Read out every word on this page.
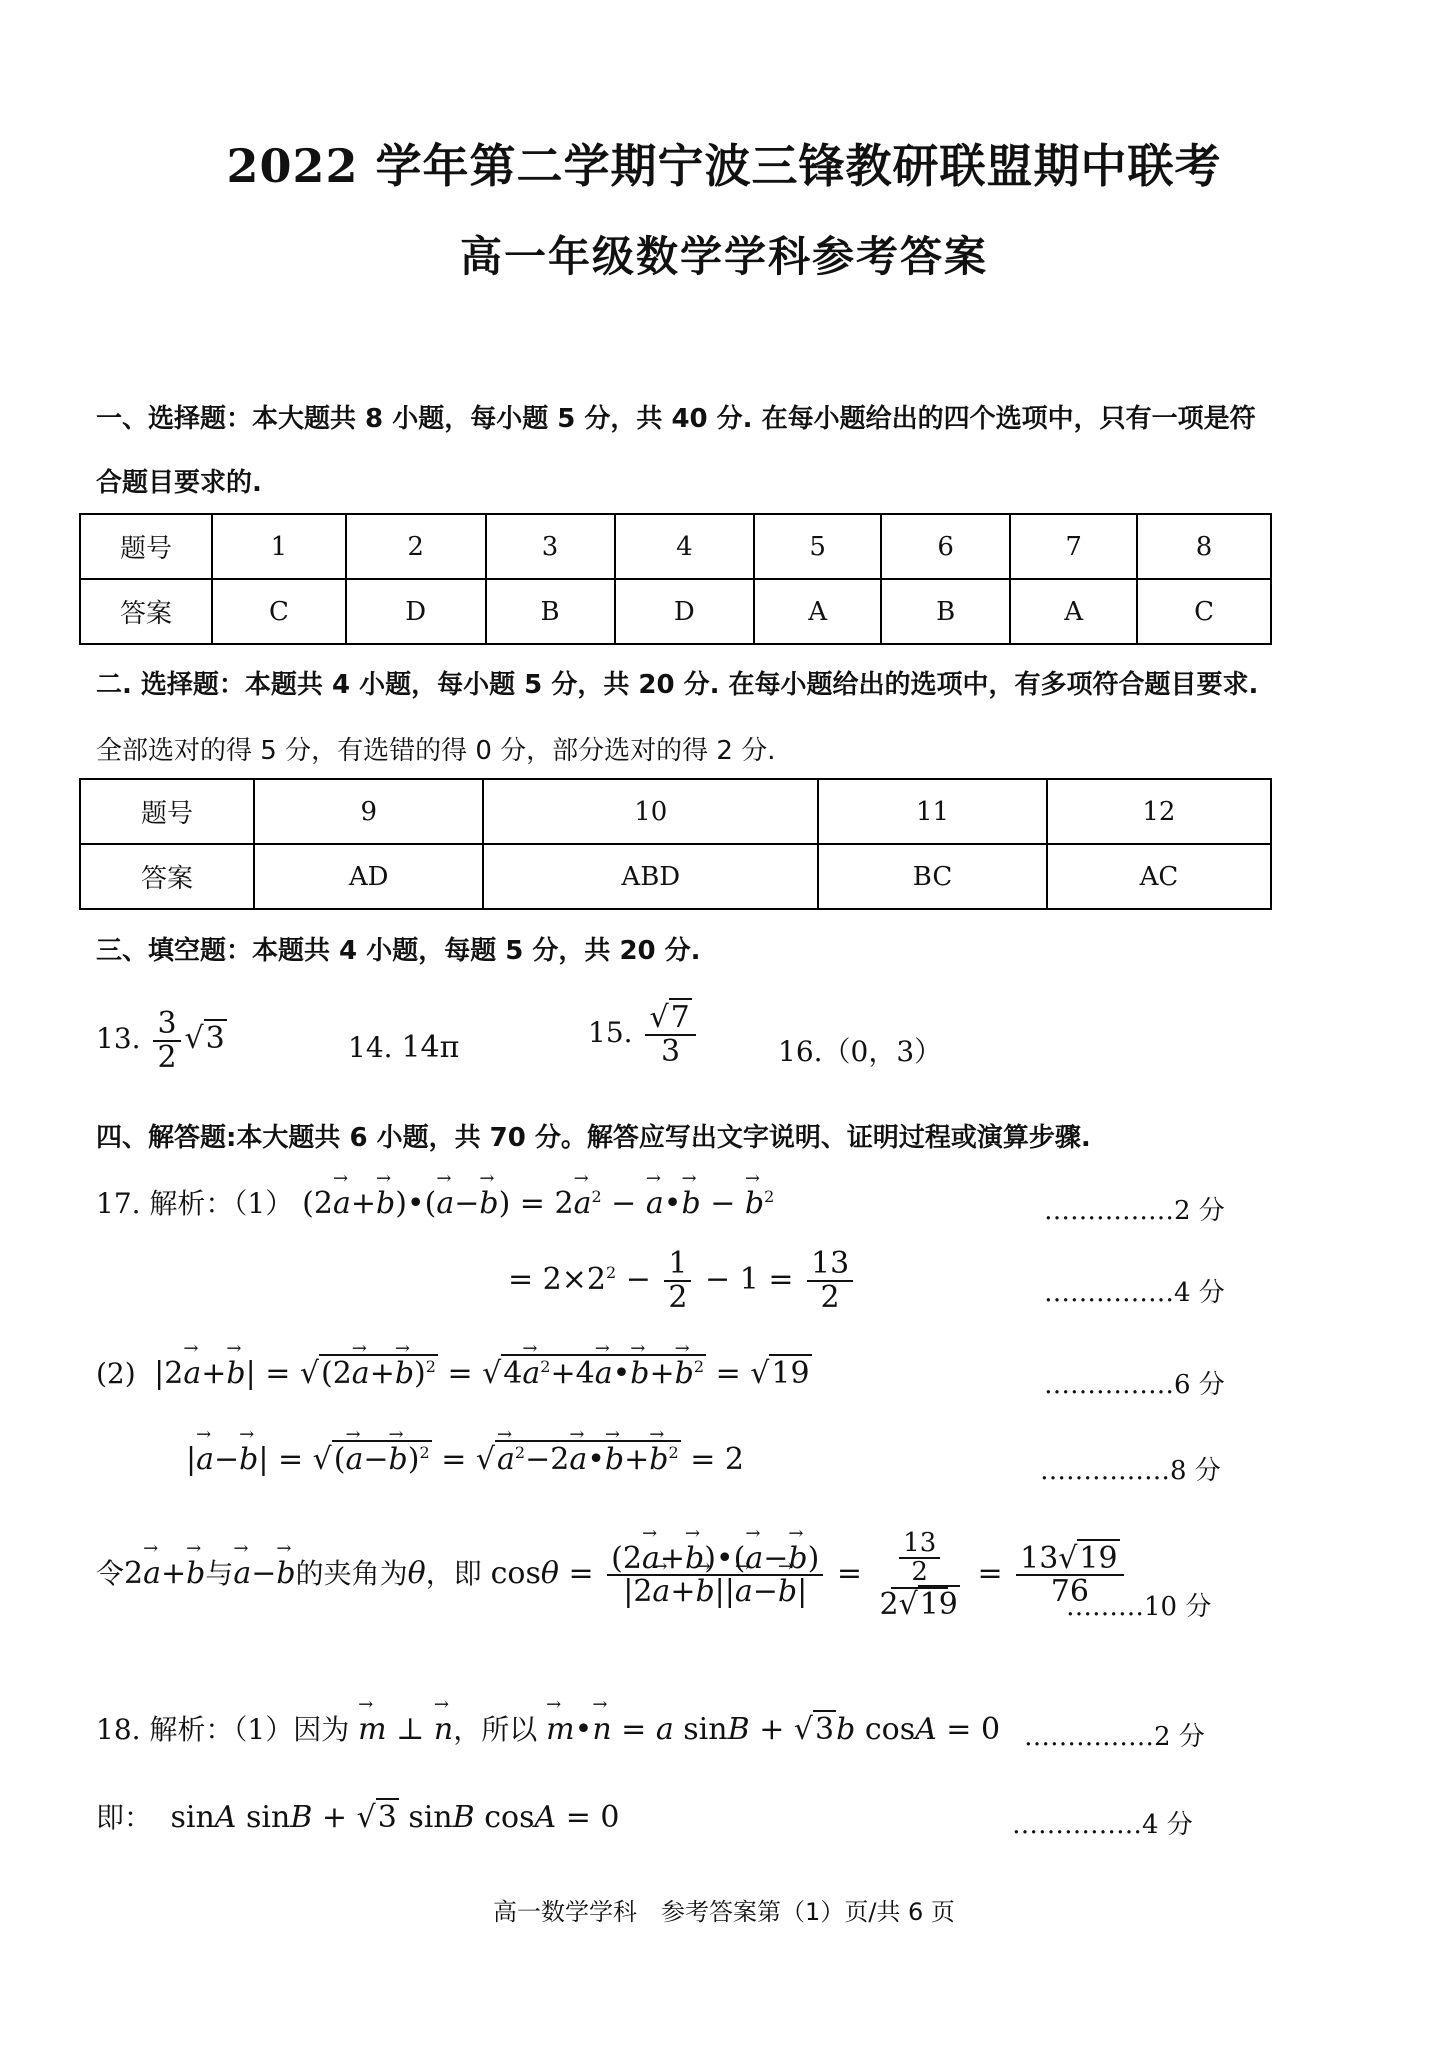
2022 学年第二学期宁波三锋教研联盟期中联考
高一年级数学学科参考答案
一、选择题：本大题共 8 小题，每小题 5 分，共 40 分. 在每小题给出的四个选项中，只有一项是符
合题目要求的.
题号	1	2	3	4	5	6	7	8
答案	C	D	B	D	A	B	A	C
二. 选择题：本题共 4 小题，每小题 5 分，共 20 分. 在每小题给出的选项中，有多项符合题目要求.
全部选对的得 5 分，有选错的得 0 分，部分选对的得 2 分.
题号	9	10	11	12
答案	AD	ABD	BC	AC
三、填空题：本题共 4 小题，每题 5 分，共 20 分.
13. $\frac{3}{2} √3$	14. 14π	15. $\frac{√7}{3}$	16.（0，3）
四、解答题:本大题共 6 小题，共 70 分。解答应写出文字说明、证明过程或演算步骤.
17. 解析：（1） (2→ a+→ b)•(→ $a-\to b) = 2\to a^2$ − → a•→ b − → $b^2$	……………2 分
= $2\times 2^2 - \frac{1}{2} - 1 = \frac{13}{2}$	……………4 分
(2)  $|2\to a+\to b| = √(2\to a+\to b)^2 = √4\to a^2+4\to$ a•→ $b+\to b^2 = √19$	……………6 分
|→ a−→ b| = √(→ a−→ b)$^2$ = √→ $a^2-2\to$ a•→ $b+\to b^2 = 2$	……………8 分
令2→ a+→ b与→ a−→ b的夹角为θ，即 $\cos\theta = \frac{(2\to a+\to b)•(\to a-\to b)}{|2\to a+\to b||\to a-\to b|} = \frac{\frac{13}{2}}{2√19} = \frac{13√19}{76}$
………10 分
18. 解析：（1）因为 → m ⊥ → n，所以 → m•→ n = a sinB + √3b cosA = 0 ……………2 分
即：  sinA sinB + √3 sinB cosA = 0	……………4 分
高一数学学科　参考答案第（1）页/共 6 页
